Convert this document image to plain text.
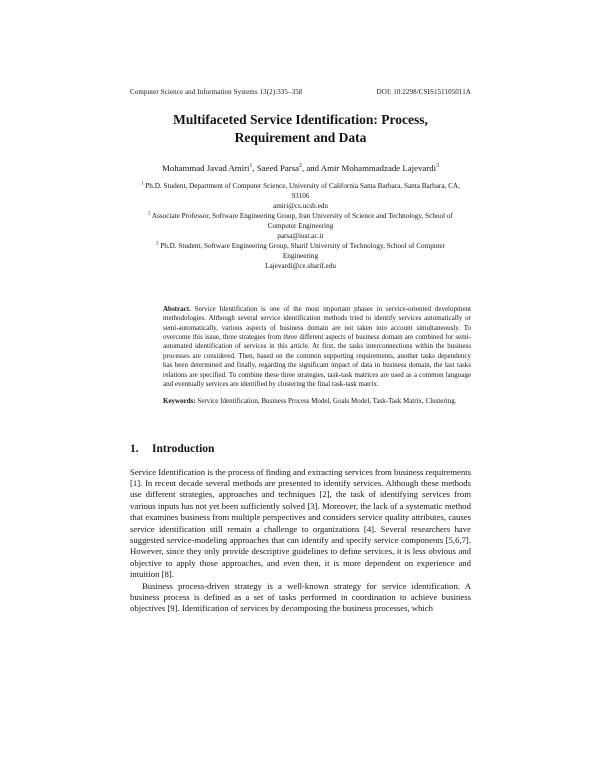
Computer Science and Information Systems 13(2):335–358	DOI: 10.2298/CSIS151105011A
Multifaceted Service Identification: Process, Requirement and Data
Mohammad Javad Amiri$^1$, Saeed Parsa$^2$, and Amir Mohammadzade Lajevardi$^3$
$^1$ Ph.D. Student, Department of Computer Science, University of California Santa Barbara, Santa Barbara, CA, 93106
amiri@cs.ucsb.edu
$^2$ Associate Professor, Software Engineering Group, Iran University of Science and Technology, School of Computer Engineering
parsa@iust.ac.ir
$^3$ Ph.D. Student, Software Engineering Group, Sharif University of Technology, School of Computer Engineering
Lajevardi@ce.sharif.edu
Abstract. Service Identification is one of the most important phases in service-oriented development methodologies. Although several service identification methods tried to identify services automatically or semi-automatically, various aspects of business domain are not taken into account simultaneously. To overcome this issue, three strategies from three different aspects of business domain are combined for semi-automated identification of services in this article. At first, the tasks interconnections within the business processes are considered. Then, based on the common supporting requirements, another tasks dependency has been determined and finally, regarding the significant impact of data in business domain, the last tasks relations are specified. To combine these three strategies, task-task matrices are used as a common language and eventually services are identified by clustering the final task-task matrix.
Keywords: Service Identification, Business Process Model, Goals Model, Task-Task Matrix, Clustering.
1.	Introduction

Service Identification is the process of finding and extracting services from business requirements [1]. In recent decade several methods are presented to identify services. Although these methods use different strategies, approaches and techniques [2], the task of identifying services from various inputs has not yet been sufficiently solved [3]. Moreover, the lack of a systematic method that examines business from multiple perspectives and considers service quality attributes, causes service identification still remain a challenge to organizations [4]. Several researchers have suggested service-modeling approaches that can identify and specify service components [5,6,7]. However, since they only provide descriptive guidelines to define services, it is less obvious and objective to apply those approaches, and even then, it is more dependent on experience and intuition [8].

Business process-driven strategy is a well-known strategy for service identification. A business process is defined as a set of tasks performed in coordination to achieve business objectives [9]. Identification of services by decomposing the business processes, which
